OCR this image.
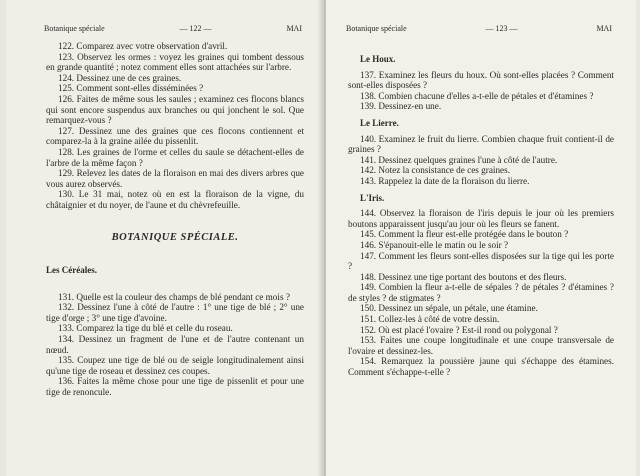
Botanique spéciale	— 122 —	MAI

122. Comparez avec votre observation d'avril.

123. Observez les ormes : voyez les graines qui tombent dessous en grande quantité ; notez comment elles sont attachées sur l'arbre.

124. Dessinez une de ces graines.

125. Comment sont-elles disséminées ?

126. Faites de même sous les saules ; examinez ces flocons blancs qui sont encore suspendus aux branches ou qui jonchent le sol. Que remarquez-vous ?

127. Dessinez une des graines que ces flocons contiennent et comparez-la à la graine ailée du pissenlit.

128. Les graines de l'orme et celles du saule se détachent-elles de l'arbre de la même façon ?

129. Relevez les dates de la floraison en mai des divers arbres que vous aurez observés.

130. Le 31 mai, notez où en est la floraison de la vigne, du châtaignier et du noyer, de l'aune et du chèvrefeuille.

BOTANIQUE SPÉCIALE.
Les Céréales.

131. Quelle est la couleur des champs de blé pendant ce mois ?

132. Dessinez l'une à côté de l'autre : 1° une tige de blé ; 2° une tige d'orge ; 3° une tige d'avoine.

133. Comparez la tige du blé et celle du roseau.

134. Dessinez un fragment de l'une et de l'autre contenant un nœud.

135. Coupez une tige de blé ou de seigle longitudinalement ainsi qu'une tige de roseau et dessinez ces coupes.

136. Faites la même chose pour une tige de pissenlit et pour une tige de renoncule.

Botanique spéciale	— 123 —	MAI
Le Houx.

137. Examinez les fleurs du houx. Où sont-elles placées ? Comment sont-elles disposées ?

138. Combien chacune d'elles a-t-elle de pétales et d'étamines ?

139. Dessinez-en une.

Le Lierre.

140. Examinez le fruit du lierre. Combien chaque fruit contient-il de graines ?

141. Dessinez quelques graines l'une à côté de l'autre.

142. Notez la consistance de ces graines.

143. Rappelez la date de la floraison du lierre.

L'Iris.

144. Observez la floraison de l'iris depuis le jour où les premiers boutons apparaissent jusqu'au jour où les fleurs se fanent.

145. Comment la fleur est-elle protégée dans le bouton ?

146. S'épanouit-elle le matin ou le soir ?

147. Comment les fleurs sont-elles disposées sur la tige qui les porte ?

148. Dessinez une tige portant des boutons et des fleurs.

149. Combien la fleur a-t-elle de sépales ? de pétales ? d'étamines ? de styles ? de stigmates ?

150. Dessinez un sépale, un pétale, une étamine.

151. Collez-les à côté de votre dessin.

152. Où est placé l'ovaire ? Est-il rond ou polygonal ?

153. Faites une coupe longitudinale et une coupe transversale de l'ovaire et dessinez-les.

154. Remarquez la poussière jaune qui s'échappe des étamines. Comment s'échappe-t-elle ?
